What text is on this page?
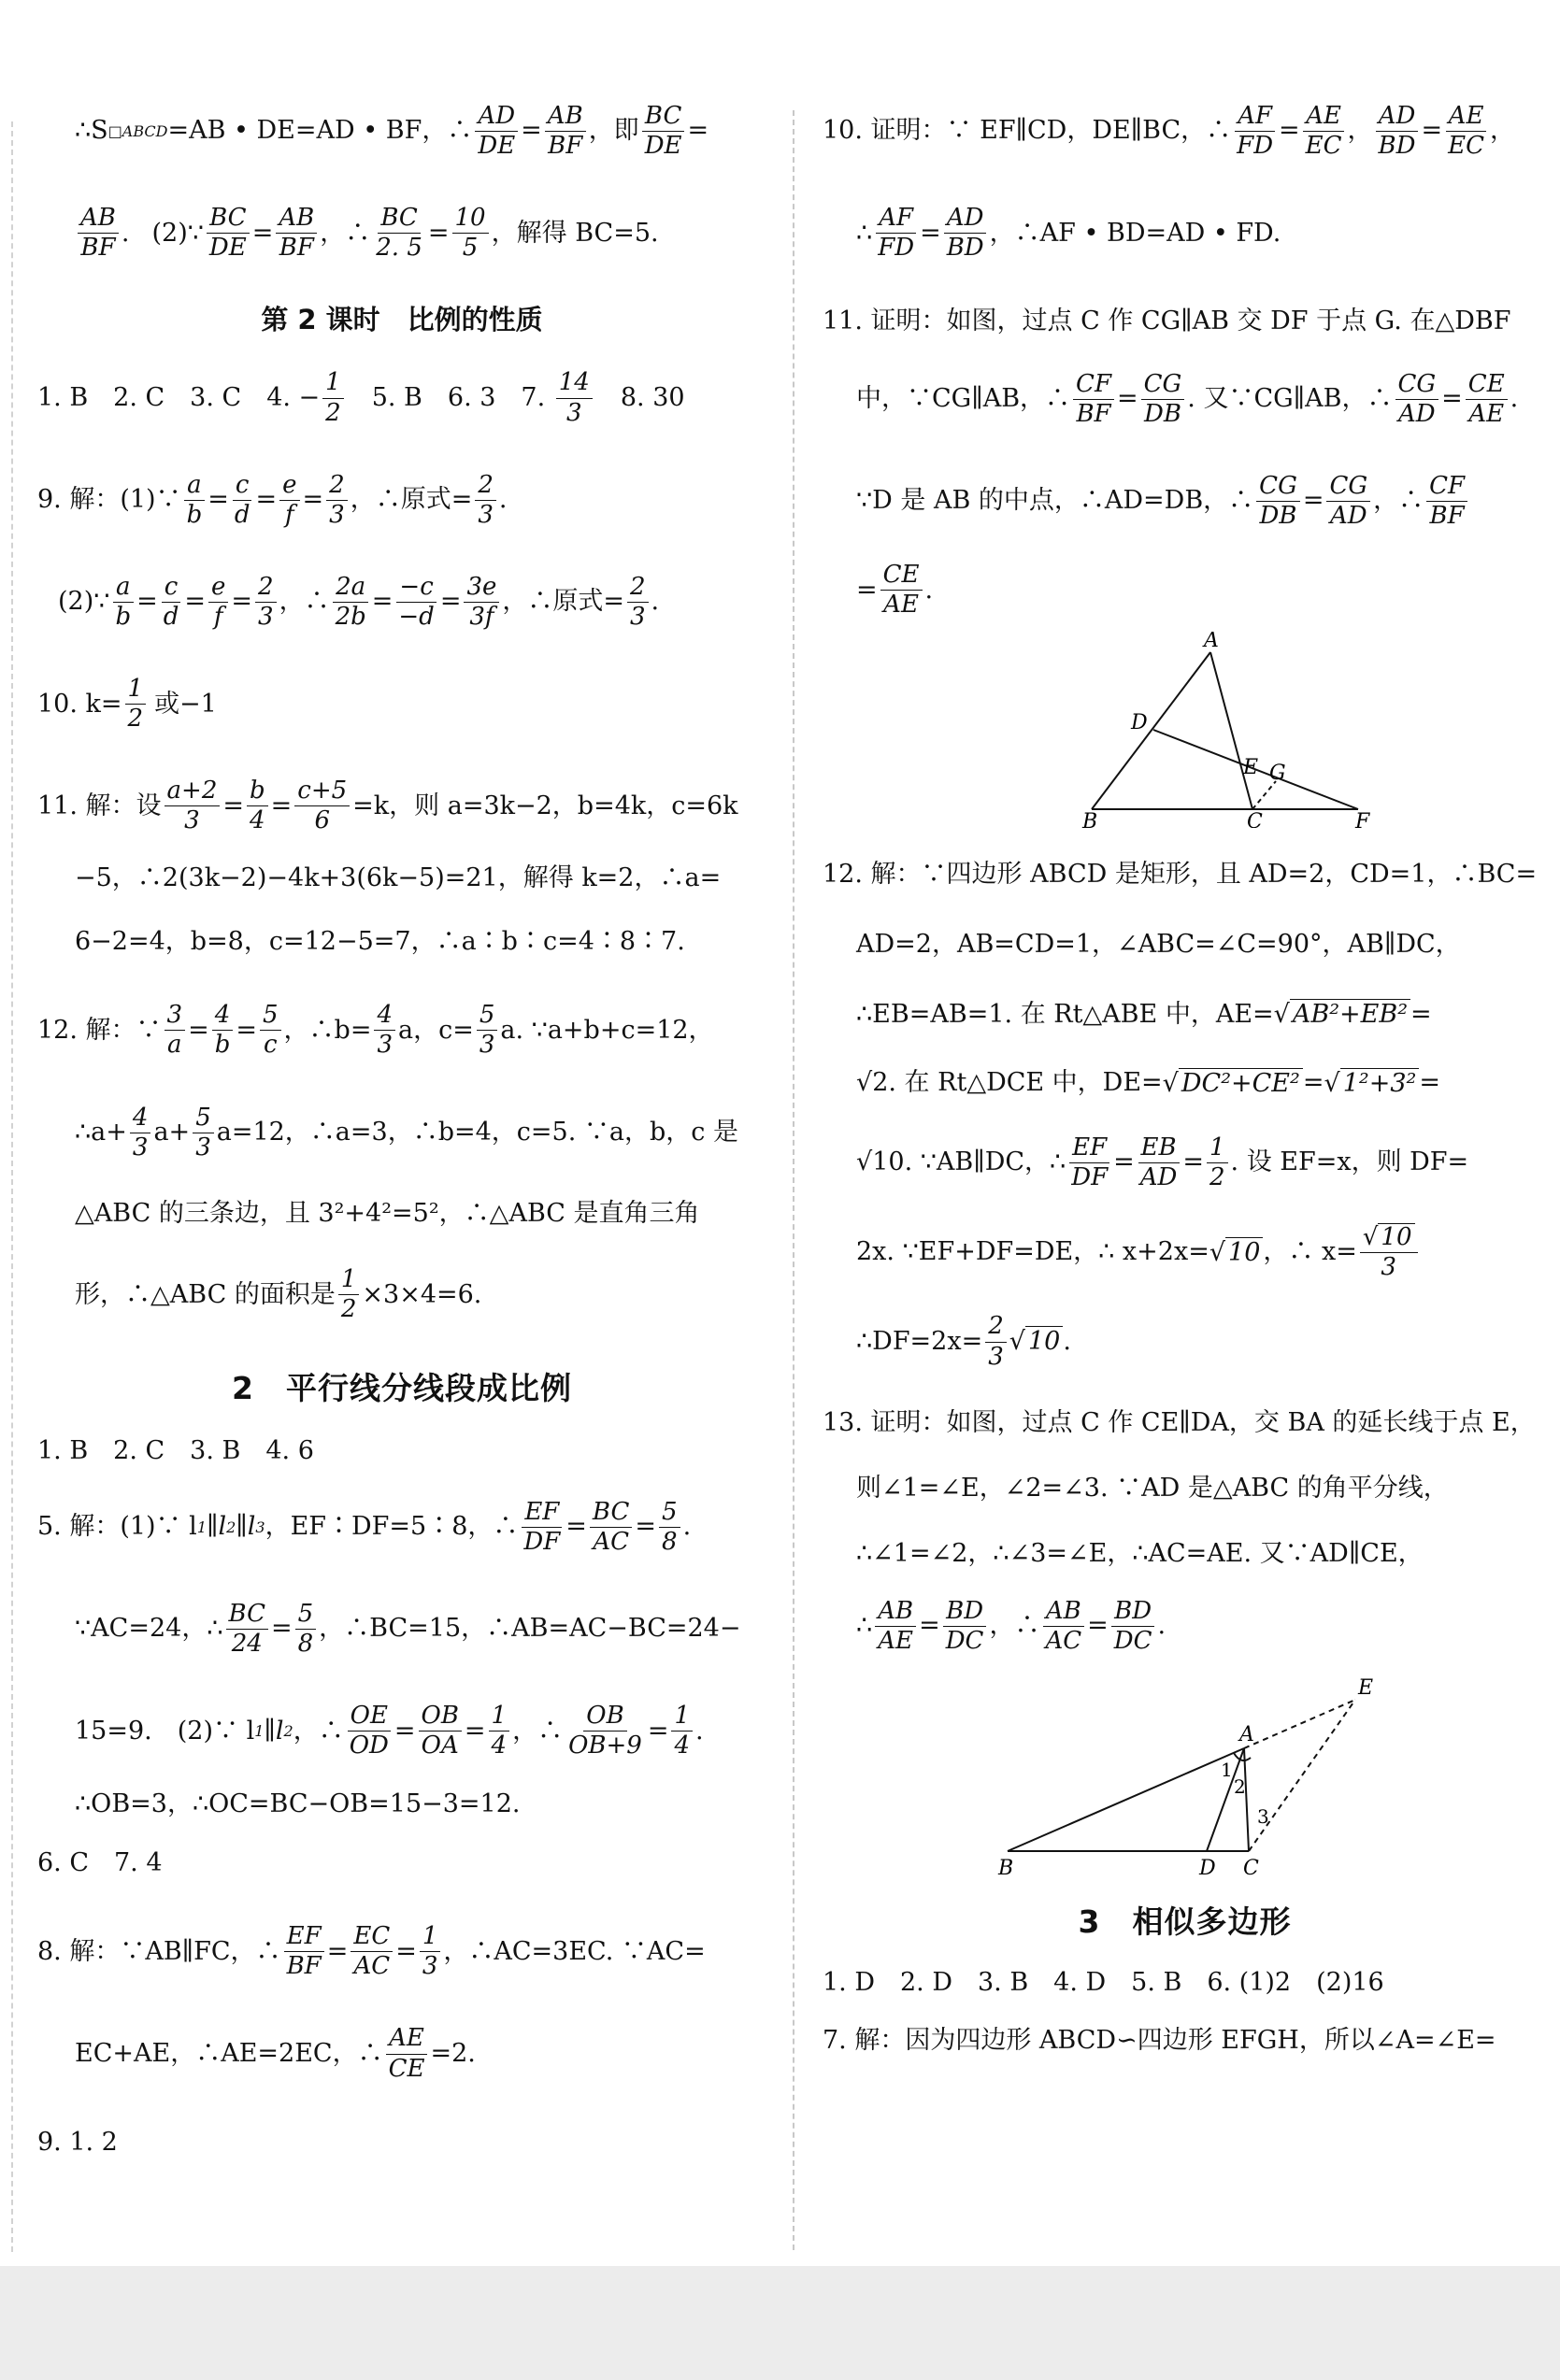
∴S □ABCD =AB • DE=AD • BF，∴ $\frac{AD}{DE} = \frac{AB}{BF}$ ，即 $\frac{BC}{DE}$ =
$\frac{AB}{BF}$ . (2)∵ $\frac{BC}{DE} = \frac{AB}{BF}$ ，∴ $\frac{BC}{2. 5} = \frac{10}{5}$ ，解得 BC=5.
第 2 课时　比例的性质
1. B　2. C　3. C　4. − $\frac{1}{2}$ 　5. B　6. 3　7. $\frac{14}{3}$ 　8. 30
9. 解：(1)∵ $\frac{a}{b} = \frac{c}{d} = \frac{e}{f} = \frac{2}{3}$ ，∴原式= $\frac{2}{3}$ .
(2)∵ $\frac{a}{b} = \frac{c}{d} = \frac{e}{f} = \frac{2}{3}$ ，∴ $\frac{2a}{2b} = \frac{-c}{-d} = \frac{3e}{3f}$ ，∴原式= $\frac{2}{3}$ .
10. $k= \frac{1}{2}$ 或−1
11. 解：设 $\frac{a+2}{3} = \frac{b}{4} = \frac{c+5}{6} =k$，则 a=3k−2，b=4k，c=6k
−5，∴2(3k−2)−4k+3(6k−5)=21，解得 k=2，∴a=
6−2=4，b=8，c=12−5=7，∴a∶b∶c=4∶8∶7.
12. 解：∵ $\frac{3}{a} = \frac{4}{b} = \frac{5}{c}$ ，∴b= $\frac{4}{3}$ a，$c= \frac{5}{3} a$. ∵a+b+c=12，
∴a+ $\frac{4}{3} a+ \frac{5}{3} a=12$，∴a=3，∴b=4，c=5. ∵a，b，c 是
△ABC 的三条边，且 3²+4²=5²，∴△ABC 是直角三角
形，∴△ABC 的面积是 $\frac{1}{2} \times 3\times 4=6$.
2　平行线分线段成比例
1. B　2. C　3. B　4. 6
5. 解：(1)∵ l 1 ∥l 2 ∥l 3 ，EF∶DF=5∶8，∴ $\frac{EF}{DF} = \frac{BC}{AC} = \frac{5}{8}$ .
∵AC=24，∴ $\frac{BC}{24} = \frac{5}{8}$ ，∴BC=15，∴AB=AC−BC=24−
15=9.　(2)∵ l 1 ∥l 2 ，∴ $\frac{OE}{OD} = \frac{OB}{OA} = \frac{1}{4}$ ，∴ $\frac{OB}{OB+9} = \frac{1}{4}$ .
∴OB=3，∴OC=BC−OB=15−3=12.
6. C　7. 4
8. 解：∵AB∥FC，∴ $\frac{EF}{BF} = \frac{EC}{AC} = \frac{1}{3}$ ，∴AC=3EC. ∵AC=
EC+AE，∴AE=2EC，∴ $\frac{AE}{CE} =2$.
9. 1. 2
10. 证明：∵ EF∥CD，DE∥BC，∴ $\frac{AF}{FD} = \frac{AE}{EC}$ ， $\frac{AD}{BD} = \frac{AE}{EC}$ ，
∴ $\frac{AF}{FD} = \frac{AD}{BD}$ ，∴AF • BD=AD • FD.
11. 证明：如图，过点 C 作 CG∥AB 交 DF 于点 G. 在△DBF
中，∵CG∥AB，∴ $\frac{CF}{BF} = \frac{CG}{DB}$ . 又∵CG∥AB，∴ $\frac{CG}{AD} = \frac{CE}{AE}$ .
∵D 是 AB 的中点，∴AD=DB，∴ $\frac{CG}{DB} = \frac{CG}{AD}$ ，∴ $\frac{CF}{BF}$
= $\frac{CE}{AE}$ .
A
D
E G
B	C	F
12. 解：∵四边形 ABCD 是矩形，且 AD=2，CD=1，∴BC=
AD=2，AB=CD=1，∠ABC=∠C=90°，AB∥DC，
∴EB=AB=1. 在 Rt△ABE 中，AE= √ AB²+EB² =
√ 2. 在 Rt△DCE 中，DE= √ DC²+CE² = √ 1²+3² =
√ 10. ∵AB∥DC，∴ $\frac{EF}{DF} = \frac{EB}{AD} = \frac{1}{2}$ . 设 EF=x，则 DF=
2x. ∵EF+DF=DE，∴ x+2x= √ 10 ，∴ $x= \frac{√ 10}{3}$
∴DF=2x= $\frac{2}{3}$ √ 10 .
13. 证明：如图，过点 C 作 CE∥DA，交 BA 的延长线于点 E，
则∠1=∠E，∠2=∠3. ∵AD 是△ABC 的角平分线，
∴∠1=∠2，∴∠3=∠E，∴AC=AE. 又∵AD∥CE，
∴ $\frac{AB}{AE} = \frac{BD}{DC}$ ，∴ $\frac{AB}{AC} = \frac{BD}{DC}$ .
E
A
1
2
3
B	D C
3　相似多边形
1. D　2. D　3. B　4. D　5. B　6. (1)2　(2)16
7. 解：因为四边形 ABCD∽四边形 EFGH，所以∠A=∠E=
